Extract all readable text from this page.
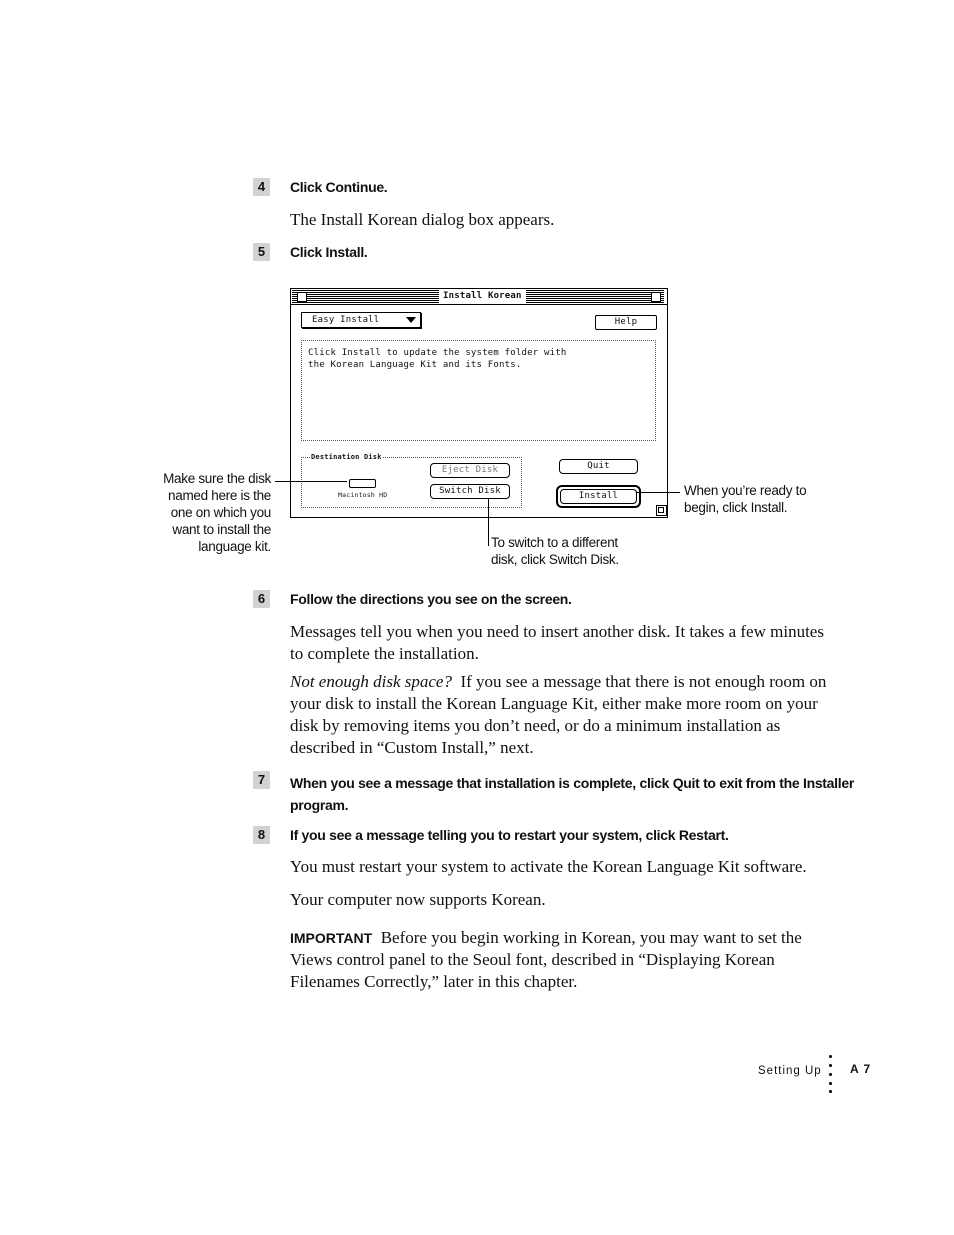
4	Click Continue.
The Install Korean dialog box appears.
5	Click Install.
Install Korean
Easy Install	Help
Click Install to update the system folder with
the Korean Language Kit and its Fonts.
Destination Disk
Macintosh HD
Eject Disk
Switch Disk
Quit
Install
Make sure the disk
named here is the
one on which you
want to install the
language kit.
When you’re ready to
begin, click Install.
To switch to a different
disk, click Switch Disk.
6	Follow the directions you see on the screen.
Messages tell you when you need to insert another disk. It takes a few minutes to complete the installation.
Not enough disk space? If you see a message that there is not enough room on your disk to install the Korean Language Kit, either make more room on your disk by removing items you don’t need, or do a minimum installation as described in “Custom Install,” next.
7	When you see a message that installation is complete, click Quit to exit from the Installer
program.
8	If you see a message telling you to restart your system, click Restart.
You must restart your system to activate the Korean Language Kit software.
Your computer now supports Korean.
IMPORTANT Before you begin working in Korean, you may want to set the Views control panel to the Seoul font, described in “Displaying Korean Filenames Correctly,” later in this chapter.
Setting Up A 7
